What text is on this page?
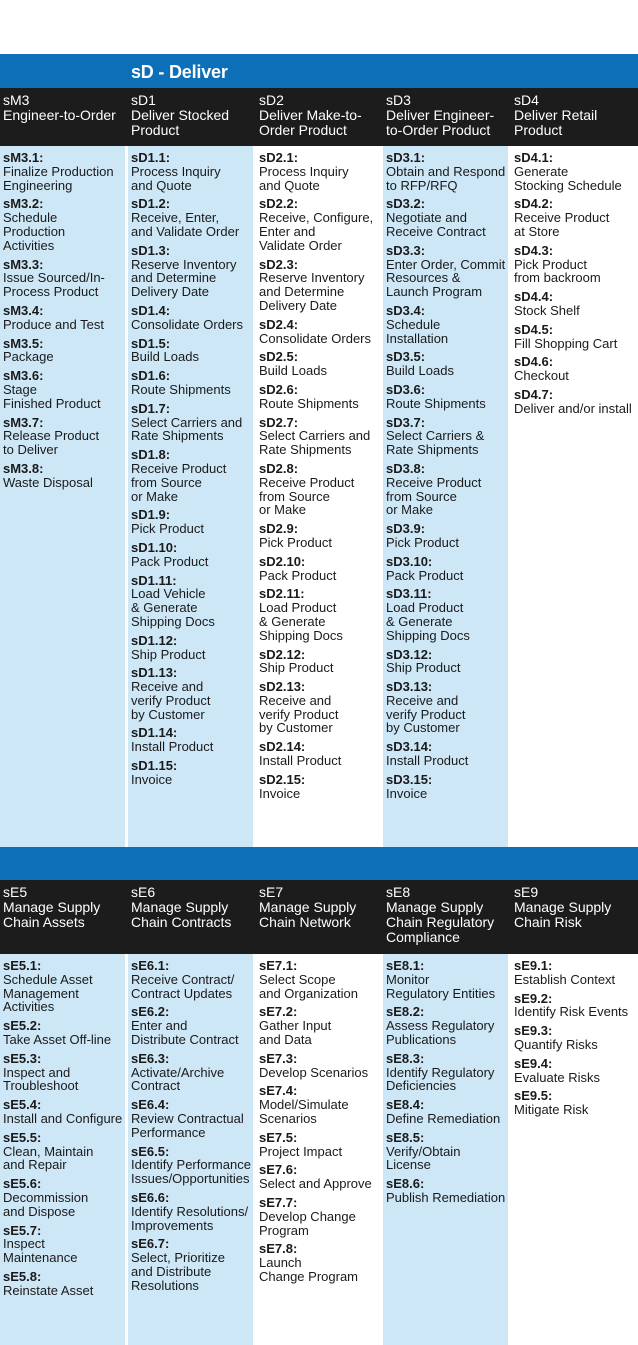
sD - Deliver
sM3
Engineer-to-Order
sD1
Deliver Stocked
Product
sD2
Deliver Make-to-
Order Product
sD3
Deliver Engineer-
to-Order Product
sD4
Deliver Retail
Product
sM3.1:
Finalize Production
Engineering
sM3.2:
Schedule
Production
Activities
sM3.3:
Issue Sourced/In-
Process Product
sM3.4:
Produce and Test
sM3.5:
Package
sM3.6:
Stage
Finished Product
sM3.7:
Release Product
to Deliver
sM3.8:
Waste Disposal
sD1.1:
Process Inquiry
and Quote
sD1.2:
Receive, Enter,
and Validate Order
sD1.3:
Reserve Inventory
and Determine
Delivery Date
sD1.4:
Consolidate Orders
sD1.5:
Build Loads
sD1.6:
Route Shipments
sD1.7:
Select Carriers and
Rate Shipments
sD1.8:
Receive Product
from Source
or Make
sD1.9:
Pick Product
sD1.10:
Pack Product
sD1.11:
Load Vehicle
& Generate
Shipping Docs
sD1.12:
Ship Product
sD1.13:
Receive and
verify Product
by Customer
sD1.14:
Install Product
sD1.15:
Invoice
sD2.1:
Process Inquiry
and Quote
sD2.2:
Receive, Configure,
Enter and
Validate Order
sD2.3:
Reserve Inventory
and Determine
Delivery Date
sD2.4:
Consolidate Orders
sD2.5:
Build Loads
sD2.6:
Route Shipments
sD2.7:
Select Carriers and
Rate Shipments
sD2.8:
Receive Product
from Source
or Make
sD2.9:
Pick Product
sD2.10:
Pack Product
sD2.11:
Load Product
& Generate
Shipping Docs
sD2.12:
Ship Product
sD2.13:
Receive and
verify Product
by Customer
sD2.14:
Install Product
sD2.15:
Invoice
sD3.1:
Obtain and Respond
to RFP/RFQ
sD3.2:
Negotiate and
Receive Contract
sD3.3:
Enter Order, Commit
Resources &
Launch Program
sD3.4:
Schedule
Installation
sD3.5:
Build Loads
sD3.6:
Route Shipments
sD3.7:
Select Carriers &
Rate Shipments
sD3.8:
Receive Product
from Source
or Make
sD3.9:
Pick Product
sD3.10:
Pack Product
sD3.11:
Load Product
& Generate
Shipping Docs
sD3.12:
Ship Product
sD3.13:
Receive and
verify Product
by Customer
sD3.14:
Install Product
sD3.15:
Invoice
sD4.1:
Generate
Stocking Schedule
sD4.2:
Receive Product
at Store
sD4.3:
Pick Product
from backroom
sD4.4:
Stock Shelf
sD4.5:
Fill Shopping Cart
sD4.6:
Checkout
sD4.7:
Deliver and/or install
sE5
Manage Supply
Chain Assets
sE6
Manage Supply
Chain Contracts
sE7
Manage Supply
Chain Network
sE8
Manage Supply
Chain Regulatory
Compliance
sE9
Manage Supply
Chain Risk
sE5.1:
Schedule Asset
Management
Activities
sE5.2:
Take Asset Off-line
sE5.3:
Inspect and
Troubleshoot
sE5.4:
Install and Configure
sE5.5:
Clean, Maintain
and Repair
sE5.6:
Decommission
and Dispose
sE5.7:
Inspect
Maintenance
sE5.8:
Reinstate Asset
sE6.1:
Receive Contract/
Contract Updates
sE6.2:
Enter and
Distribute Contract
sE6.3:
Activate/Archive
Contract
sE6.4:
Review Contractual
Performance
sE6.5:
Identify Performance
Issues/Opportunities
sE6.6:
Identify Resolutions/
Improvements
sE6.7:
Select, Prioritize
and Distribute
Resolutions
sE7.1:
Select Scope
and Organization
sE7.2:
Gather Input
and Data
sE7.3:
Develop Scenarios
sE7.4:
Model/Simulate
Scenarios
sE7.5:
Project Impact
sE7.6:
Select and Approve
sE7.7:
Develop Change
Program
sE7.8:
Launch
Change Program
sE8.1:
Monitor
Regulatory Entities
sE8.2:
Assess Regulatory
Publications
sE8.3:
Identify Regulatory
Deficiencies
sE8.4:
Define Remediation
sE8.5:
Verify/Obtain
License
sE8.6:
Publish Remediation
sE9.1:
Establish Context
sE9.2:
Identify Risk Events
sE9.3:
Quantify Risks
sE9.4:
Evaluate Risks
sE9.5:
Mitigate Risk
